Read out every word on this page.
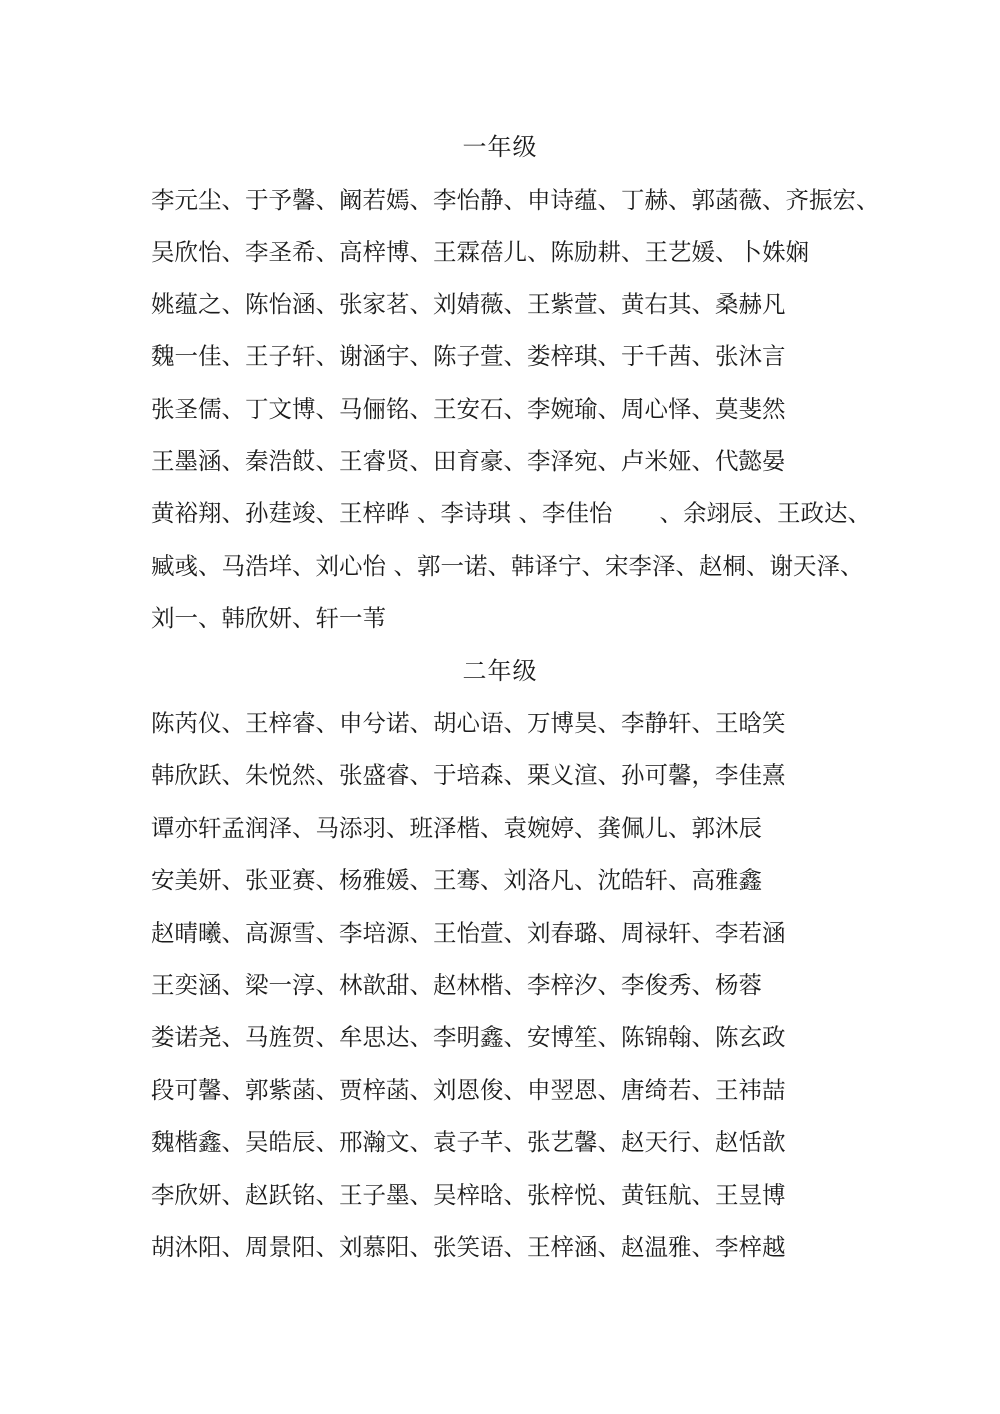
一年级

李元尘、于予馨、阚若嫣、李怡静、申诗蕴、丁赫、郭菡薇、齐振宏、

吴欣怡、李圣希、高梓博、王霖蓓儿、陈励耕、王艺媛、卜姝娴

姚蕴之、陈怡涵、张家茗、刘婧薇、王紫萱、黄右其、桑赫凡

魏一佳、王子轩、谢涵宇、陈子萱、娄梓琪、于千茜、张沐言

张圣儒、丁文博、马俪铭、王安石、李婉瑜、周心怿、莫斐然

王墨涵、秦浩餀、王睿贤、田育豪、李泽宛、卢米娅、代懿晏

黄裕翔、孙莛竣、王梓晔 、李诗琪 、李佳怡　　、余翊辰、王政达、

臧彧、马浩垟、刘心怡 、郭一诺、韩译宁、宋李泽、赵桐、谢天泽、

刘一、韩欣妍、轩一苇

二年级

陈芮仪、王梓睿、申兮诺、胡心语、万博昊、李静轩、王晗笑

韩欣跃、朱悦然、张盛睿、于培森、栗义渲、孙可馨，李佳熹

谭亦轩孟润泽、马添羽、班泽楷、袁婉婷、龚佩儿、郭沐辰

安美妍、张亚赛、杨雅媛、王骞、刘洛凡、沈皓轩、高雅鑫

赵晴曦、高源雪、李培源、王怡萱、刘春璐、周禄轩、李若涵

王奕涵、梁一淳、林歆甜、赵林楷、李梓汐、李俊秀、杨蓉

娄诺尧、马旌贺、牟思达、李明鑫、安博笙、陈锦翰、陈玄政

段可馨、郭紫菡、贾梓菡、刘恩俊、申翌恩、唐绮若、王祎喆

魏楷鑫、吴皓辰、邢瀚文、袁子芊、张艺馨、赵天行、赵恬歆

李欣妍、赵跃铭、王子墨、吴梓晗、张梓悦、黄钰航、王昱博

胡沐阳、周景阳、刘慕阳、张笑语、王梓涵、赵温雅、李梓越
